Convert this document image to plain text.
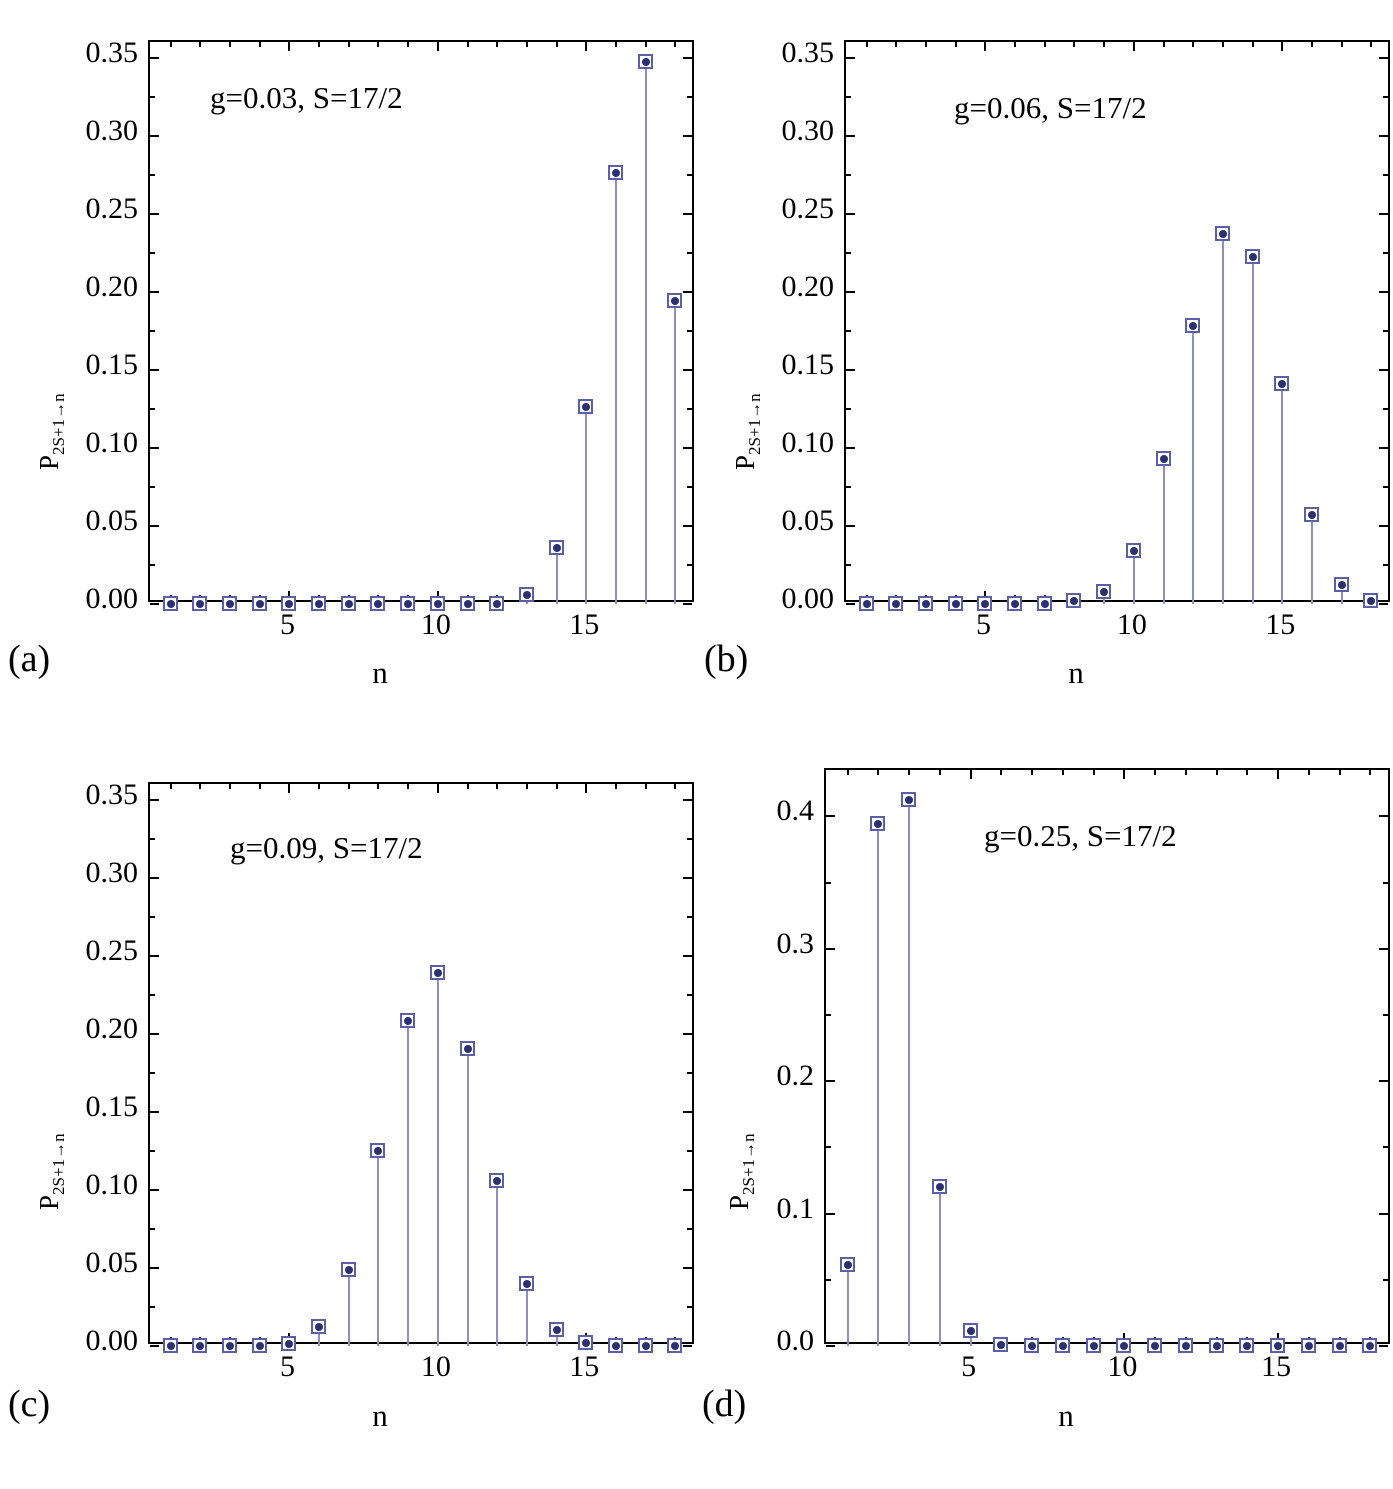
$P_{2S+1\to n}$
n
(a)
g=0.03, S=17/2
0.00
0.05
0.10
0.15
0.20
0.25
0.30
0.35
5	10	15
$P_{2S+1\to n}$
n
(b)
g=0.06, S=17/2
0.00
0.05
0.10
0.15
0.20
0.25
0.30
0.35
5	10	15
$P_{2S+1\to n}$
n
(c)
g=0.09, S=17/2
0.00
0.05
0.10
0.15
0.20
0.25
0.30
0.35
5	10	15
$P_{2S+1\to n}$
n
(d)
g=0.25, S=17/2
0.0
0.1
0.2
0.3
0.4
5	10	15
